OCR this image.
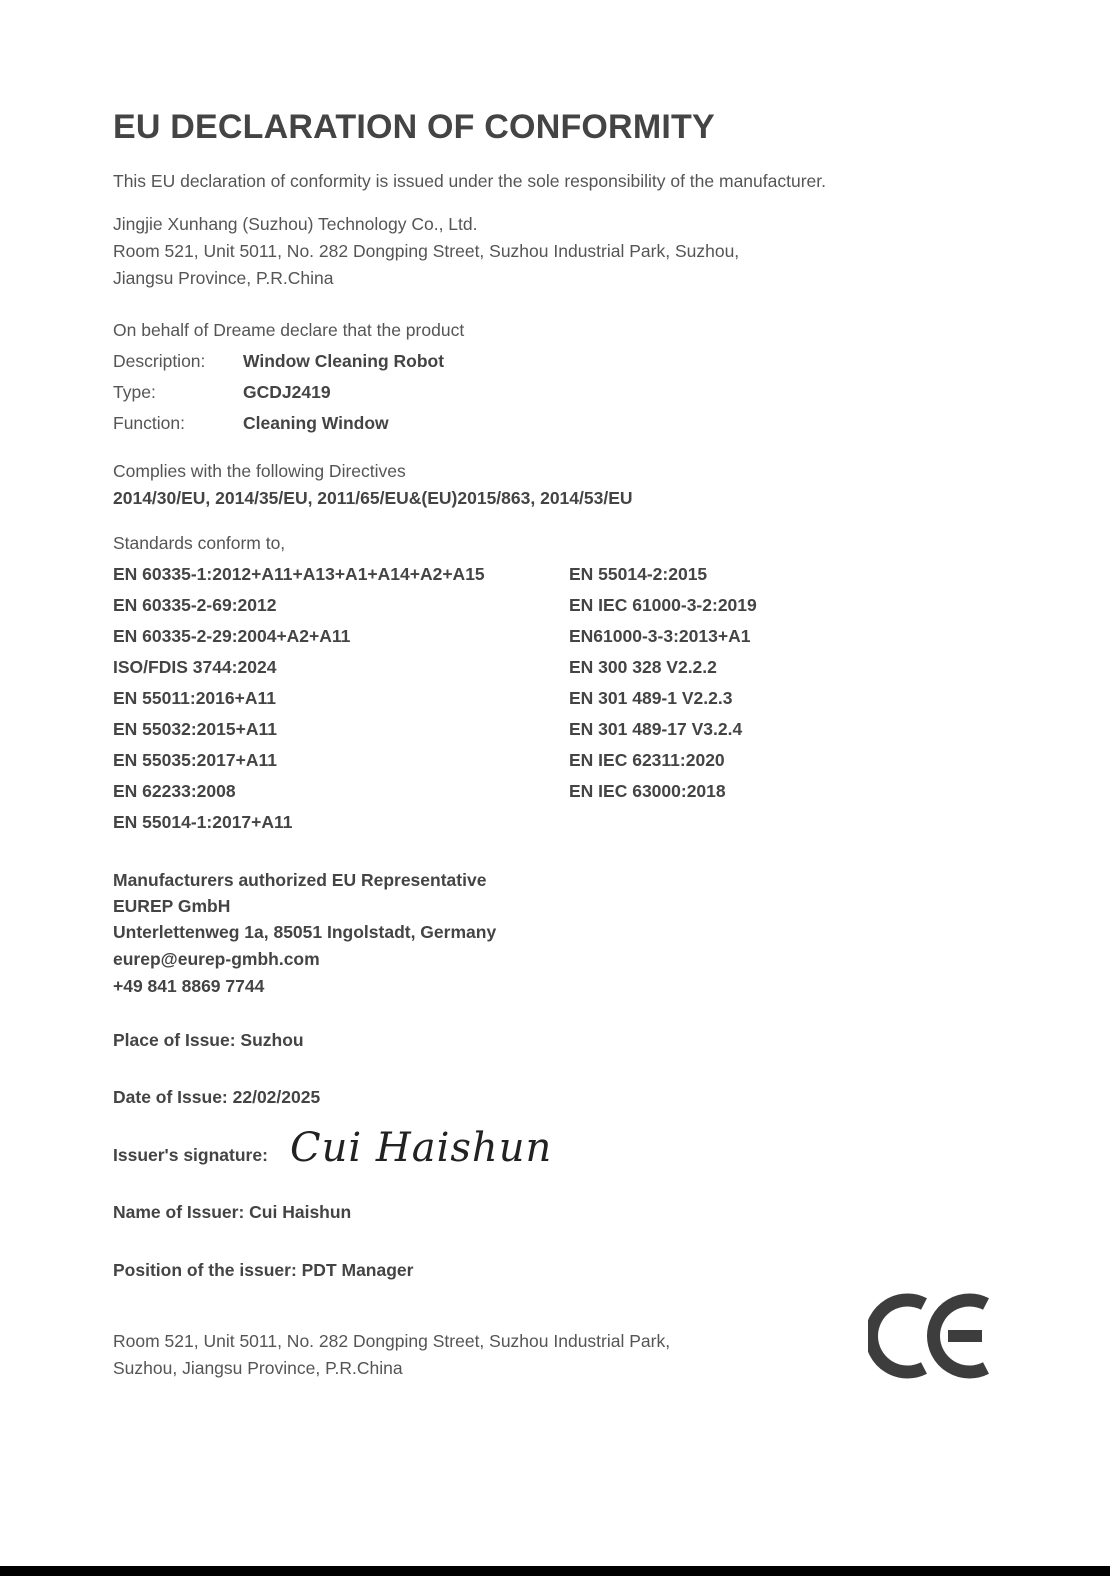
EU DECLARATION OF CONFORMITY
This EU declaration of conformity is issued under the sole responsibility of the manufacturer.
Jingjie Xunhang (Suzhou) Technology Co., Ltd.
Room 521, Unit 5011, No. 282 Dongping Street, Suzhou Industrial Park, Suzhou,
Jiangsu Province, P.R.China
On behalf of Dreame declare that the product
Description: Window Cleaning Robot
Type:	GCDJ2419
Function:	Cleaning Window
Complies with the following Directives
2014/30/EU, 2014/35/EU, 2011/65/EU&(EU)2015/863, 2014/53/EU
Standards conform to,
EN 60335-1:2012+A11+A13+A1+A14+A2+A15
EN 60335-2-69:2012
EN 60335-2-29:2004+A2+A11
ISO/FDIS 3744:2024
EN 55011:2016+A11
EN 55032:2015+A11
EN 55035:2017+A11
EN 62233:2008
EN 55014-1:2017+A11
EN 55014-2:2015
EN IEC 61000-3-2:2019
EN61000-3-3:2013+A1
EN 300 328 V2.2.2
EN 301 489-1 V2.2.3
EN 301 489-17 V3.2.4
EN IEC 62311:2020
EN IEC 63000:2018
Manufacturers authorized EU Representative
EUREP GmbH
Unterlettenweg 1a, 85051 Ingolstadt, Germany
eurep@eurep-gmbh.com
+49 841 8869 7744
Place of Issue: Suzhou
Date of Issue: 22/02/2025
Issuer's signature: Cui Haishun
Name of Issuer: Cui Haishun
Position of the issuer: PDT Manager
Room 521, Unit 5011, No. 282 Dongping Street, Suzhou Industrial Park,
Suzhou, Jiangsu Province, P.R.China
